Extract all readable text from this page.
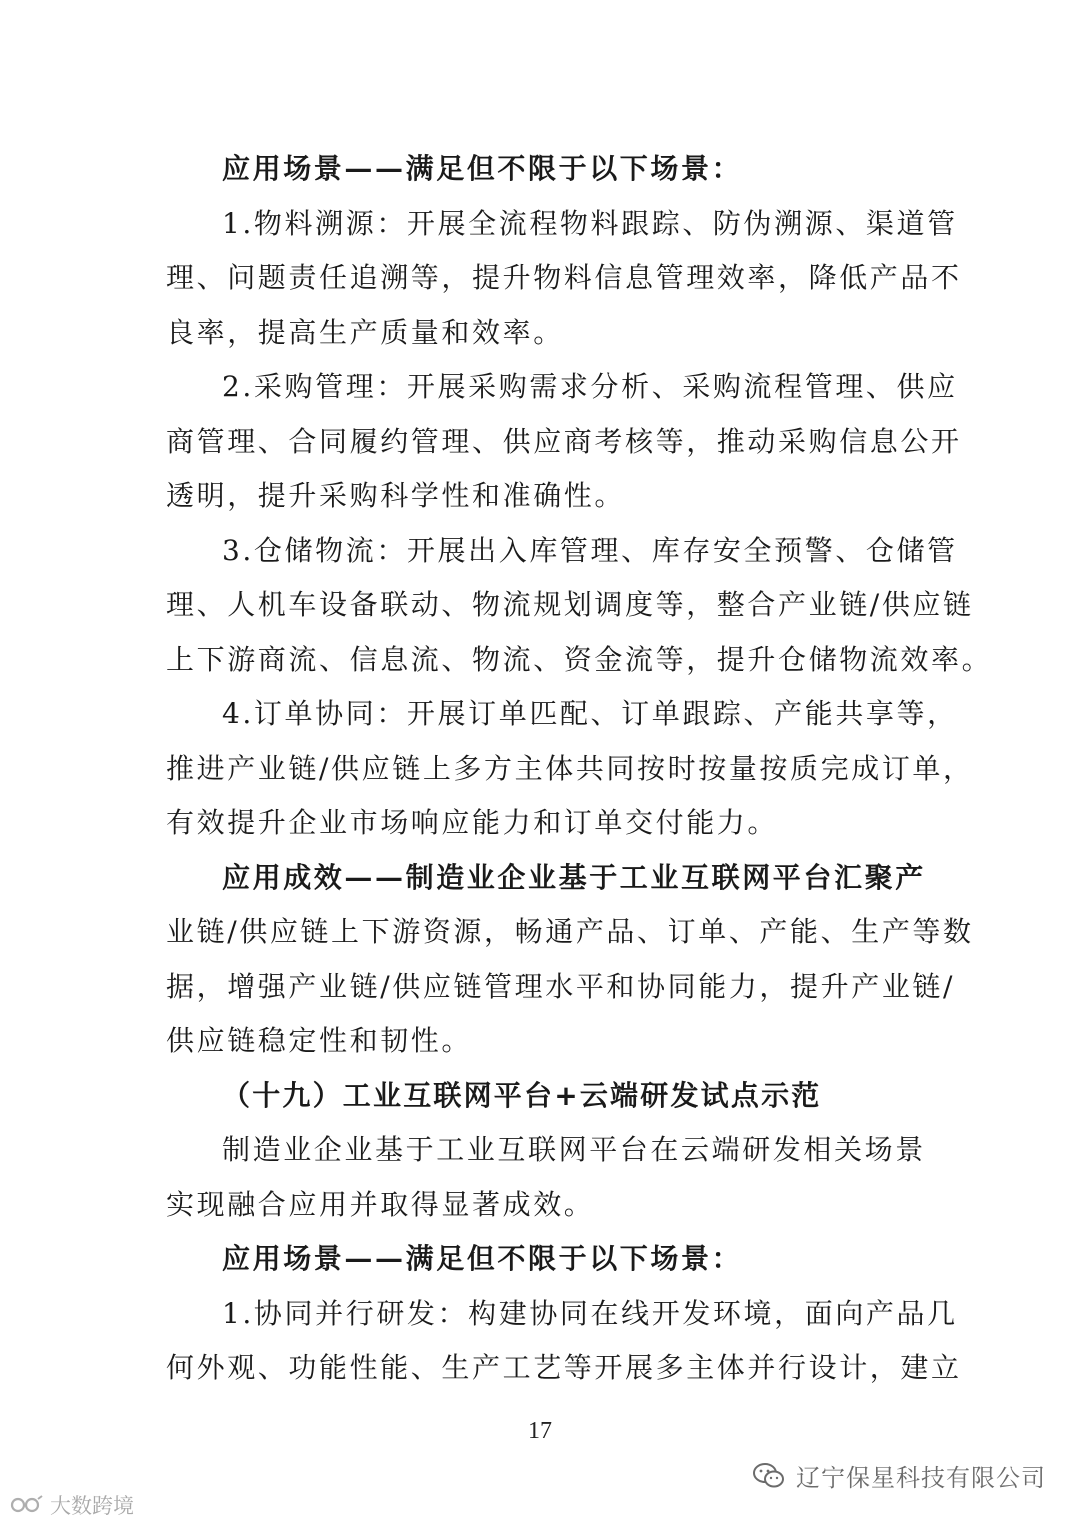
应用场景——满足但不限于以下场景：
1.物料溯源：开展全流程物料跟踪、防伪溯源、渠道管
理、问题责任追溯等，提升物料信息管理效率，降低产品不
良率，提高生产质量和效率。
2.采购管理：开展采购需求分析、采购流程管理、供应
商管理、合同履约管理、供应商考核等，推动采购信息公开
透明，提升采购科学性和准确性。
3.仓储物流：开展出入库管理、库存安全预警、仓储管
理、人机车设备联动、物流规划调度等，整合产业链/供应链
上下游商流、信息流、物流、资金流等，提升仓储物流效率。
4.订单协同：开展订单匹配、订单跟踪、产能共享等，
推进产业链/供应链上多方主体共同按时按量按质完成订单，
有效提升企业市场响应能力和订单交付能力。
应用成效——制造业企业基于工业互联网平台汇聚产
业链/供应链上下游资源，畅通产品、订单、产能、生产等数
据，增强产业链/供应链管理水平和协同能力，提升产业链/
供应链稳定性和韧性。
（十九）工业互联网平台+云端研发试点示范
制造业企业基于工业互联网平台在云端研发相关场景
实现融合应用并取得显著成效。
应用场景——满足但不限于以下场景：
1.协同并行研发：构建协同在线开发环境，面向产品几
何外观、功能性能、生产工艺等开展多主体并行设计，建立
17
辽宁保星科技有限公司
大数跨境
